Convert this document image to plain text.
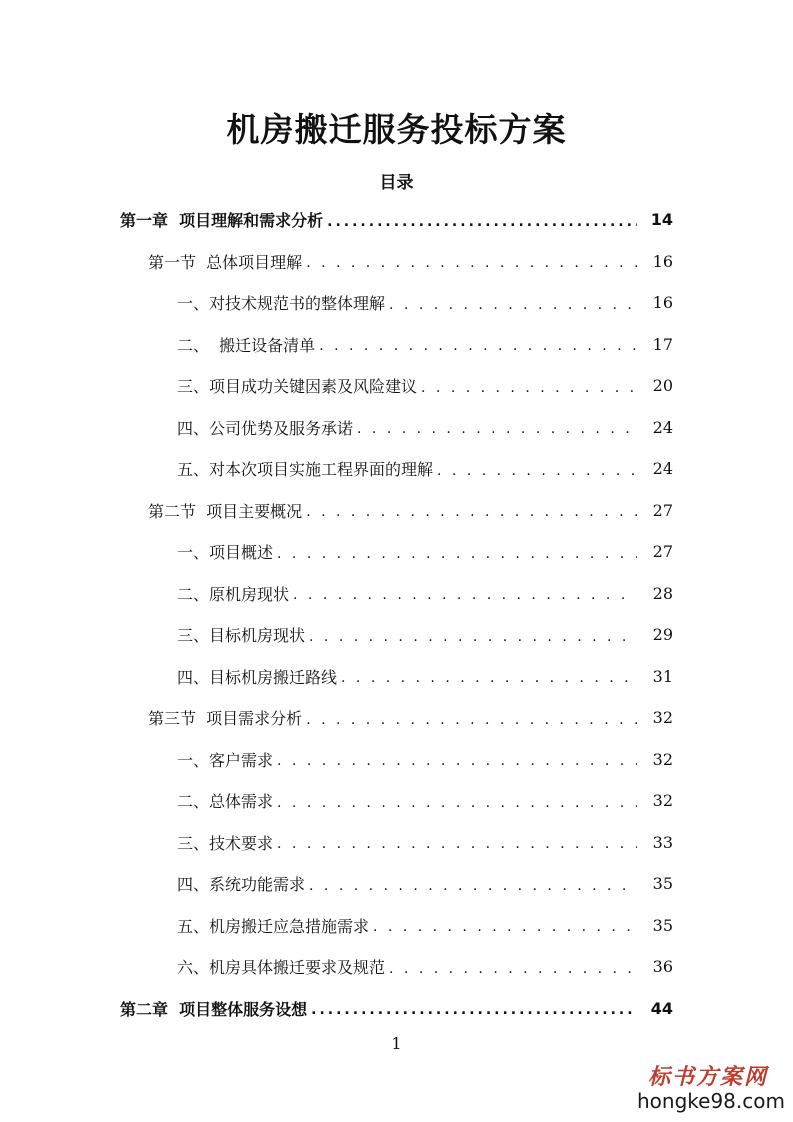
机房搬迁服务投标方案
目录
第一章  项目理解和需求分析 .....	14
第一节  总体项目理解 . . .	16
一、对技术规范书的整体理解 . . .	16
二、  搬迁设备清单 . . .	17
三、项目成功关键因素及风险建议 . . .	20
四、公司优势及服务承诺 . . .	24
五、对本次项目实施工程界面的理解 . . .	24
第二节  项目主要概况 . . .	27
一、项目概述 . . .	27
二、原机房现状 . . .	28
三、目标机房现状 . . .	29
四、目标机房搬迁路线 . . .	31
第三节  项目需求分析 . . .	32
一、客户需求 . . .	32
二、总体需求 . . .	32
三、技术要求 . . .	33
四、系统功能需求 . . .	35
五、机房搬迁应急措施需求 . . .	35
六、机房具体搬迁要求及规范 . . .	36
第二章  项目整体服务设想 .....	44
1
标书方案网
hongke98.com
